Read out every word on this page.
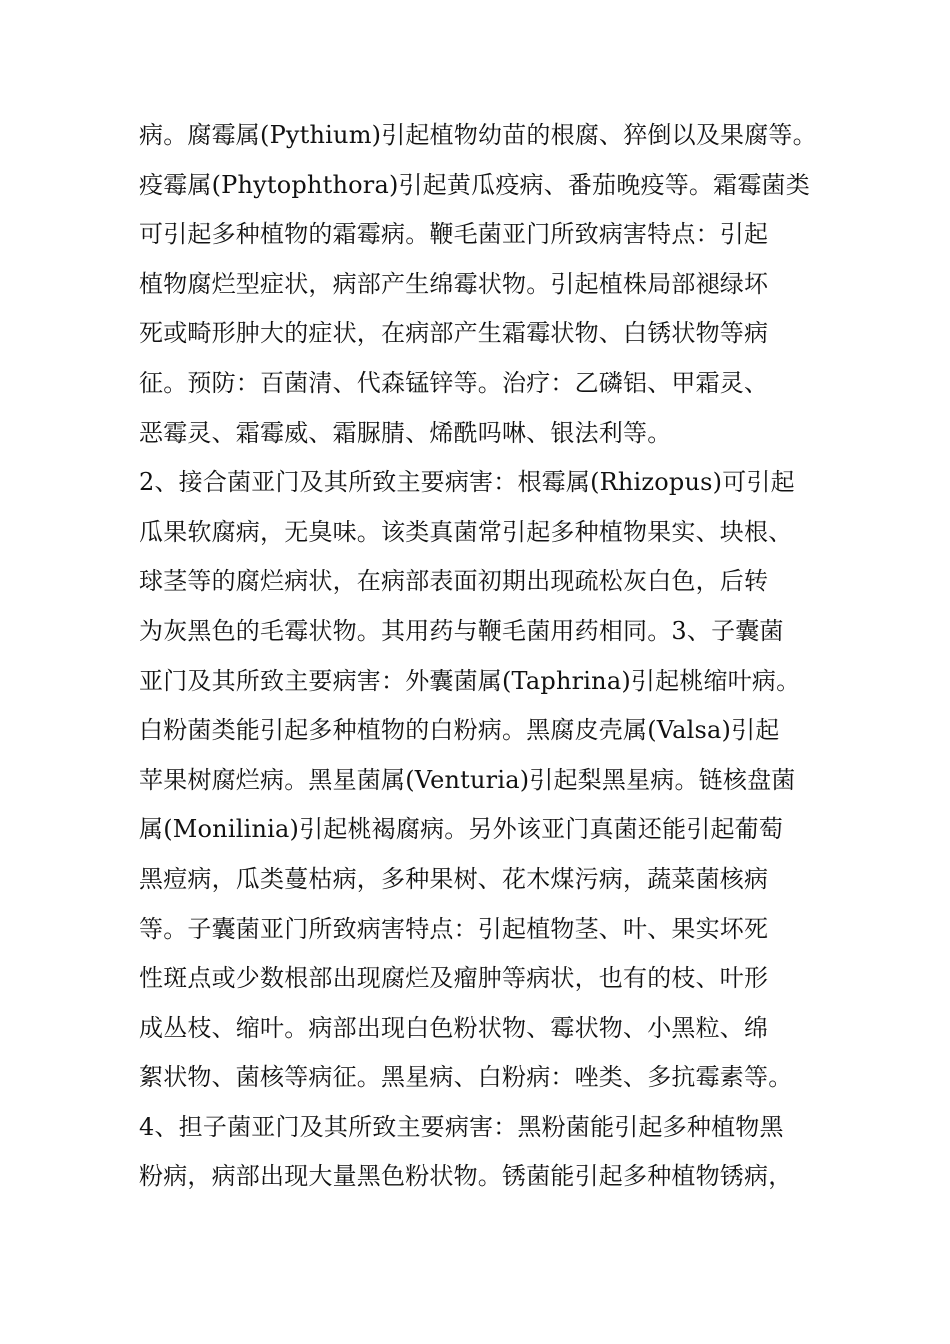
病。腐霉属(Pythium)引起植物幼苗的根腐、猝倒以及果腐等。
疫霉属(Phytophthora)引起黄瓜疫病、番茄晚疫等。霜霉菌类
可引起多种植物的霜霉病。鞭毛菌亚门所致病害特点：引起
植物腐烂型症状，病部产生绵霉状物。引起植株局部褪绿坏
死或畸形肿大的症状，在病部产生霜霉状物、白锈状物等病
征。预防：百菌清、代森锰锌等。治疗：乙磷铝、甲霜灵、
恶霉灵、霜霉威、霜脲腈、烯酰吗啉、银法利等。
2、接合菌亚门及其所致主要病害：根霉属(Rhizopus)可引起
瓜果软腐病，无臭味。该类真菌常引起多种植物果实、块根、
球茎等的腐烂病状，在病部表面初期出现疏松灰白色，后转
为灰黑色的毛霉状物。其用药与鞭毛菌用药相同。3、子囊菌
亚门及其所致主要病害：外囊菌属(Taphrina)引起桃缩叶病。
白粉菌类能引起多种植物的白粉病。黑腐皮壳属(Valsa)引起
苹果树腐烂病。黑星菌属(Venturia)引起梨黑星病。链核盘菌
属(Monilinia)引起桃褐腐病。另外该亚门真菌还能引起葡萄
黑痘病，瓜类蔓枯病，多种果树、花木煤污病，蔬菜菌核病
等。子囊菌亚门所致病害特点：引起植物茎、叶、果实坏死
性斑点或少数根部出现腐烂及瘤肿等病状，也有的枝、叶形
成丛枝、缩叶。病部出现白色粉状物、霉状物、小黑粒、绵
絮状物、菌核等病征。黑星病、白粉病：唑类、多抗霉素等。
4、担子菌亚门及其所致主要病害：黑粉菌能引起多种植物黑
粉病，病部出现大量黑色粉状物。锈菌能引起多种植物锈病，
